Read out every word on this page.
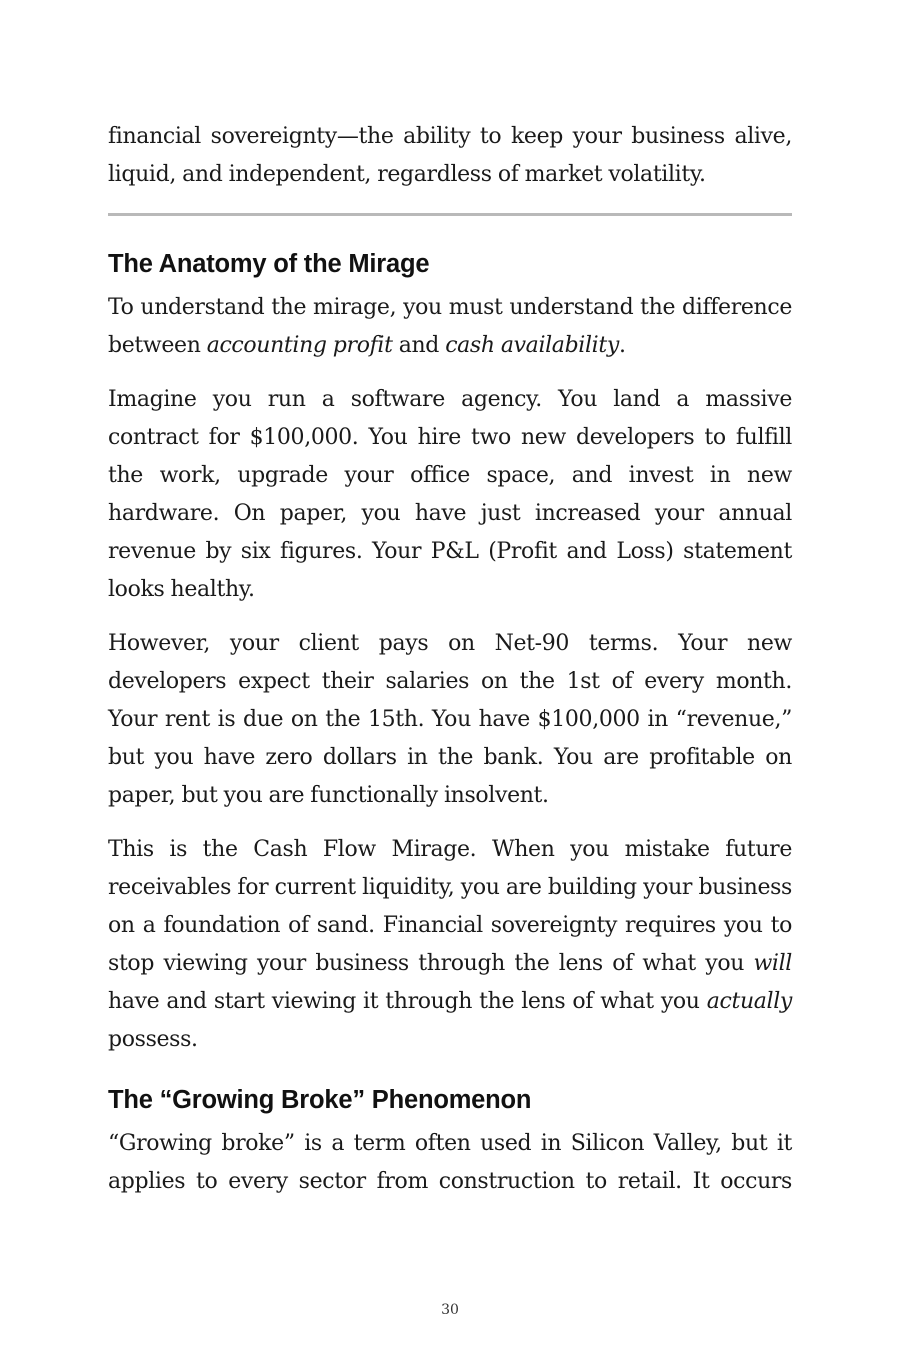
financial sovereignty—the ability to keep your business alive, liquid, and independent, regardless of market volatility.

The Anatomy of the Mirage

To understand the mirage, you must understand the difference between accounting profit and cash availability.

Imagine you run a software agency. You land a massive contract for $100,000. You hire two new developers to fulfill the work, upgrade your office space, and invest in new hardware. On paper, you have just increased your annual revenue by six figures. Your P&L (Profit and Loss) statement looks healthy.

However, your client pays on Net-90 terms. Your new developers expect their salaries on the 1st of every month. Your rent is due on the 15th. You have $100,000 in “revenue,” but you have zero dollars in the bank. You are profitable on paper, but you are functionally insolvent.

This is the Cash Flow Mirage. When you mistake future receivables for current liquidity, you are building your business on a foundation of sand. Financial sovereignty requires you to stop viewing your business through the lens of what you will have and start viewing it through the lens of what you actually possess.

The “Growing Broke” Phenomenon

“Growing broke” is a term often used in Silicon Valley, but it applies to every sector from construction to retail. It occurs

30
